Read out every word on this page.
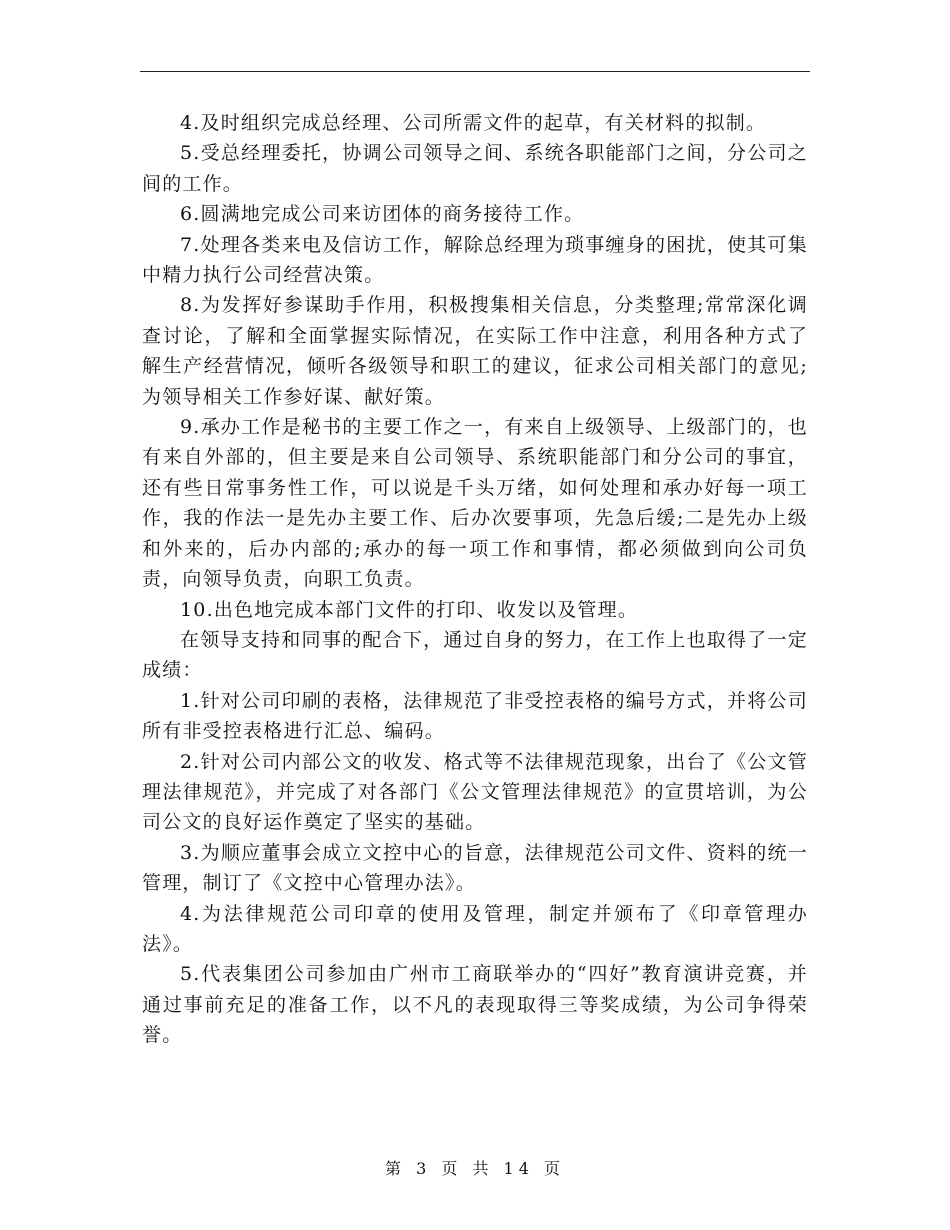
4.及时组织完成总经理、公司所需文件的起草，有关材料的拟制。

5.受总经理委托，协调公司领导之间、系统各职能部门之间，分公司之间的工作。

6.圆满地完成公司来访团体的商务接待工作。

7.处理各类来电及信访工作，解除总经理为琐事缠身的困扰，使其可集中精力执行公司经营决策。

8.为发挥好参谋助手作用，积极搜集相关信息，分类整理;常常深化调查讨论，了解和全面掌握实际情况，在实际工作中注意，利用各种方式了解生产经营情况，倾听各级领导和职工的建议，征求公司相关部门的意见;为领导相关工作参好谋、献好策。

9.承办工作是秘书的主要工作之一，有来自上级领导、上级部门的，也有来自外部的，但主要是来自公司领导、系统职能部门和分公司的事宜，还有些日常事务性工作，可以说是千头万绪，如何处理和承办好每一项工作，我的作法一是先办主要工作、后办次要事项，先急后缓;二是先办上级和外来的，后办内部的;承办的每一项工作和事情，都必须做到向公司负责，向领导负责，向职工负责。

10.出色地完成本部门文件的打印、收发以及管理。

在领导支持和同事的配合下，通过自身的努力，在工作上也取得了一定成绩：

1.针对公司印刷的表格，法律规范了非受控表格的编号方式，并将公司所有非受控表格进行汇总、编码。

2.针对公司内部公文的收发、格式等不法律规范现象，出台了《公文管理法律规范》，并完成了对各部门《公文管理法律规范》的宣贯培训，为公司公文的良好运作奠定了坚实的基础。

3.为顺应董事会成立文控中心的旨意，法律规范公司文件、资料的统一管理，制订了《文控中心管理办法》。

4.为法律规范公司印章的使用及管理，制定并颁布了《印章管理办法》。

5.代表集团公司参加由广州市工商联举办的“四好”教育演讲竞赛，并通过事前充足的准备工作，以不凡的表现取得三等奖成绩，为公司争得荣誉。

第 3 页 共 14 页
